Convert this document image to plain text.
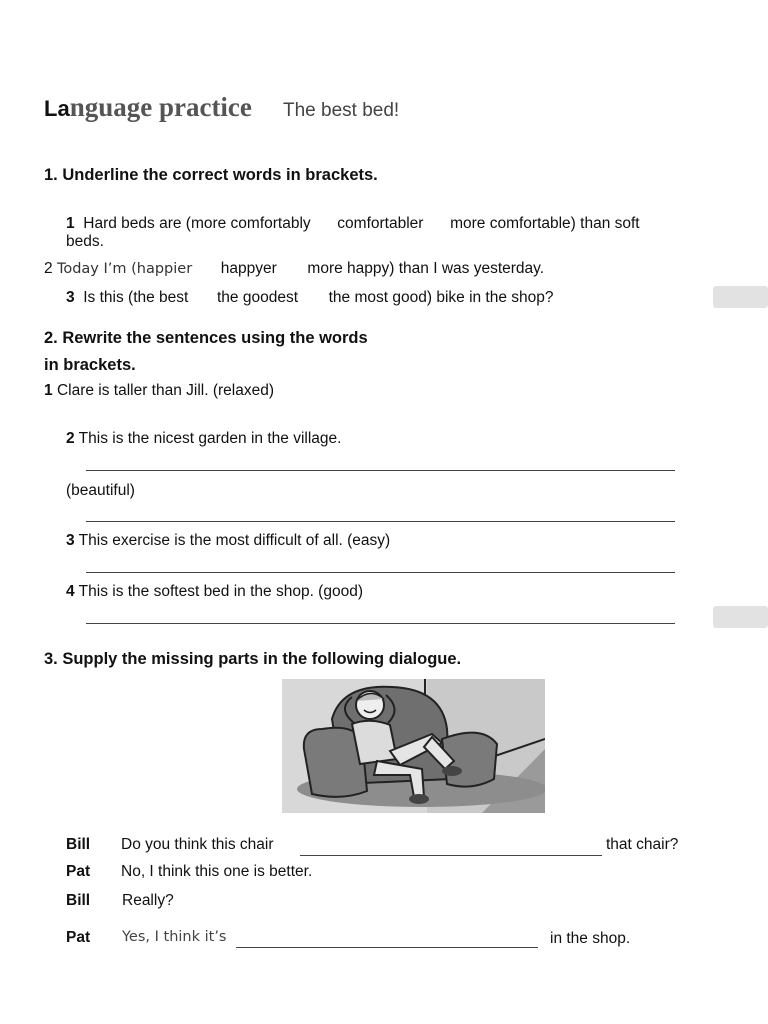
Language practice The best bed!
1. Underline the correct words in brackets.
1 Hard beds are (more comfortably comfortabler more comfortable) than soft
beds.
2 Today I’m (happier happyer more happy) than I was yesterday.
3 Is this (the best the goodest the most good) bike in the shop?
2. Rewrite the sentences using the words
in brackets.
1 Clare is taller than Jill. (relaxed)
2 This is the nicest garden in the village.
(beautiful)
3 This exercise is the most difficult of all. (easy)
4 This is the softest bed in the shop. (good)
3. Supply the missing parts in the following dialogue.
Bill Do you think this chair	that chair?
Pat No, I think this one is better.
Bill Really?
Pat Yes, I think it’s	in the shop.
